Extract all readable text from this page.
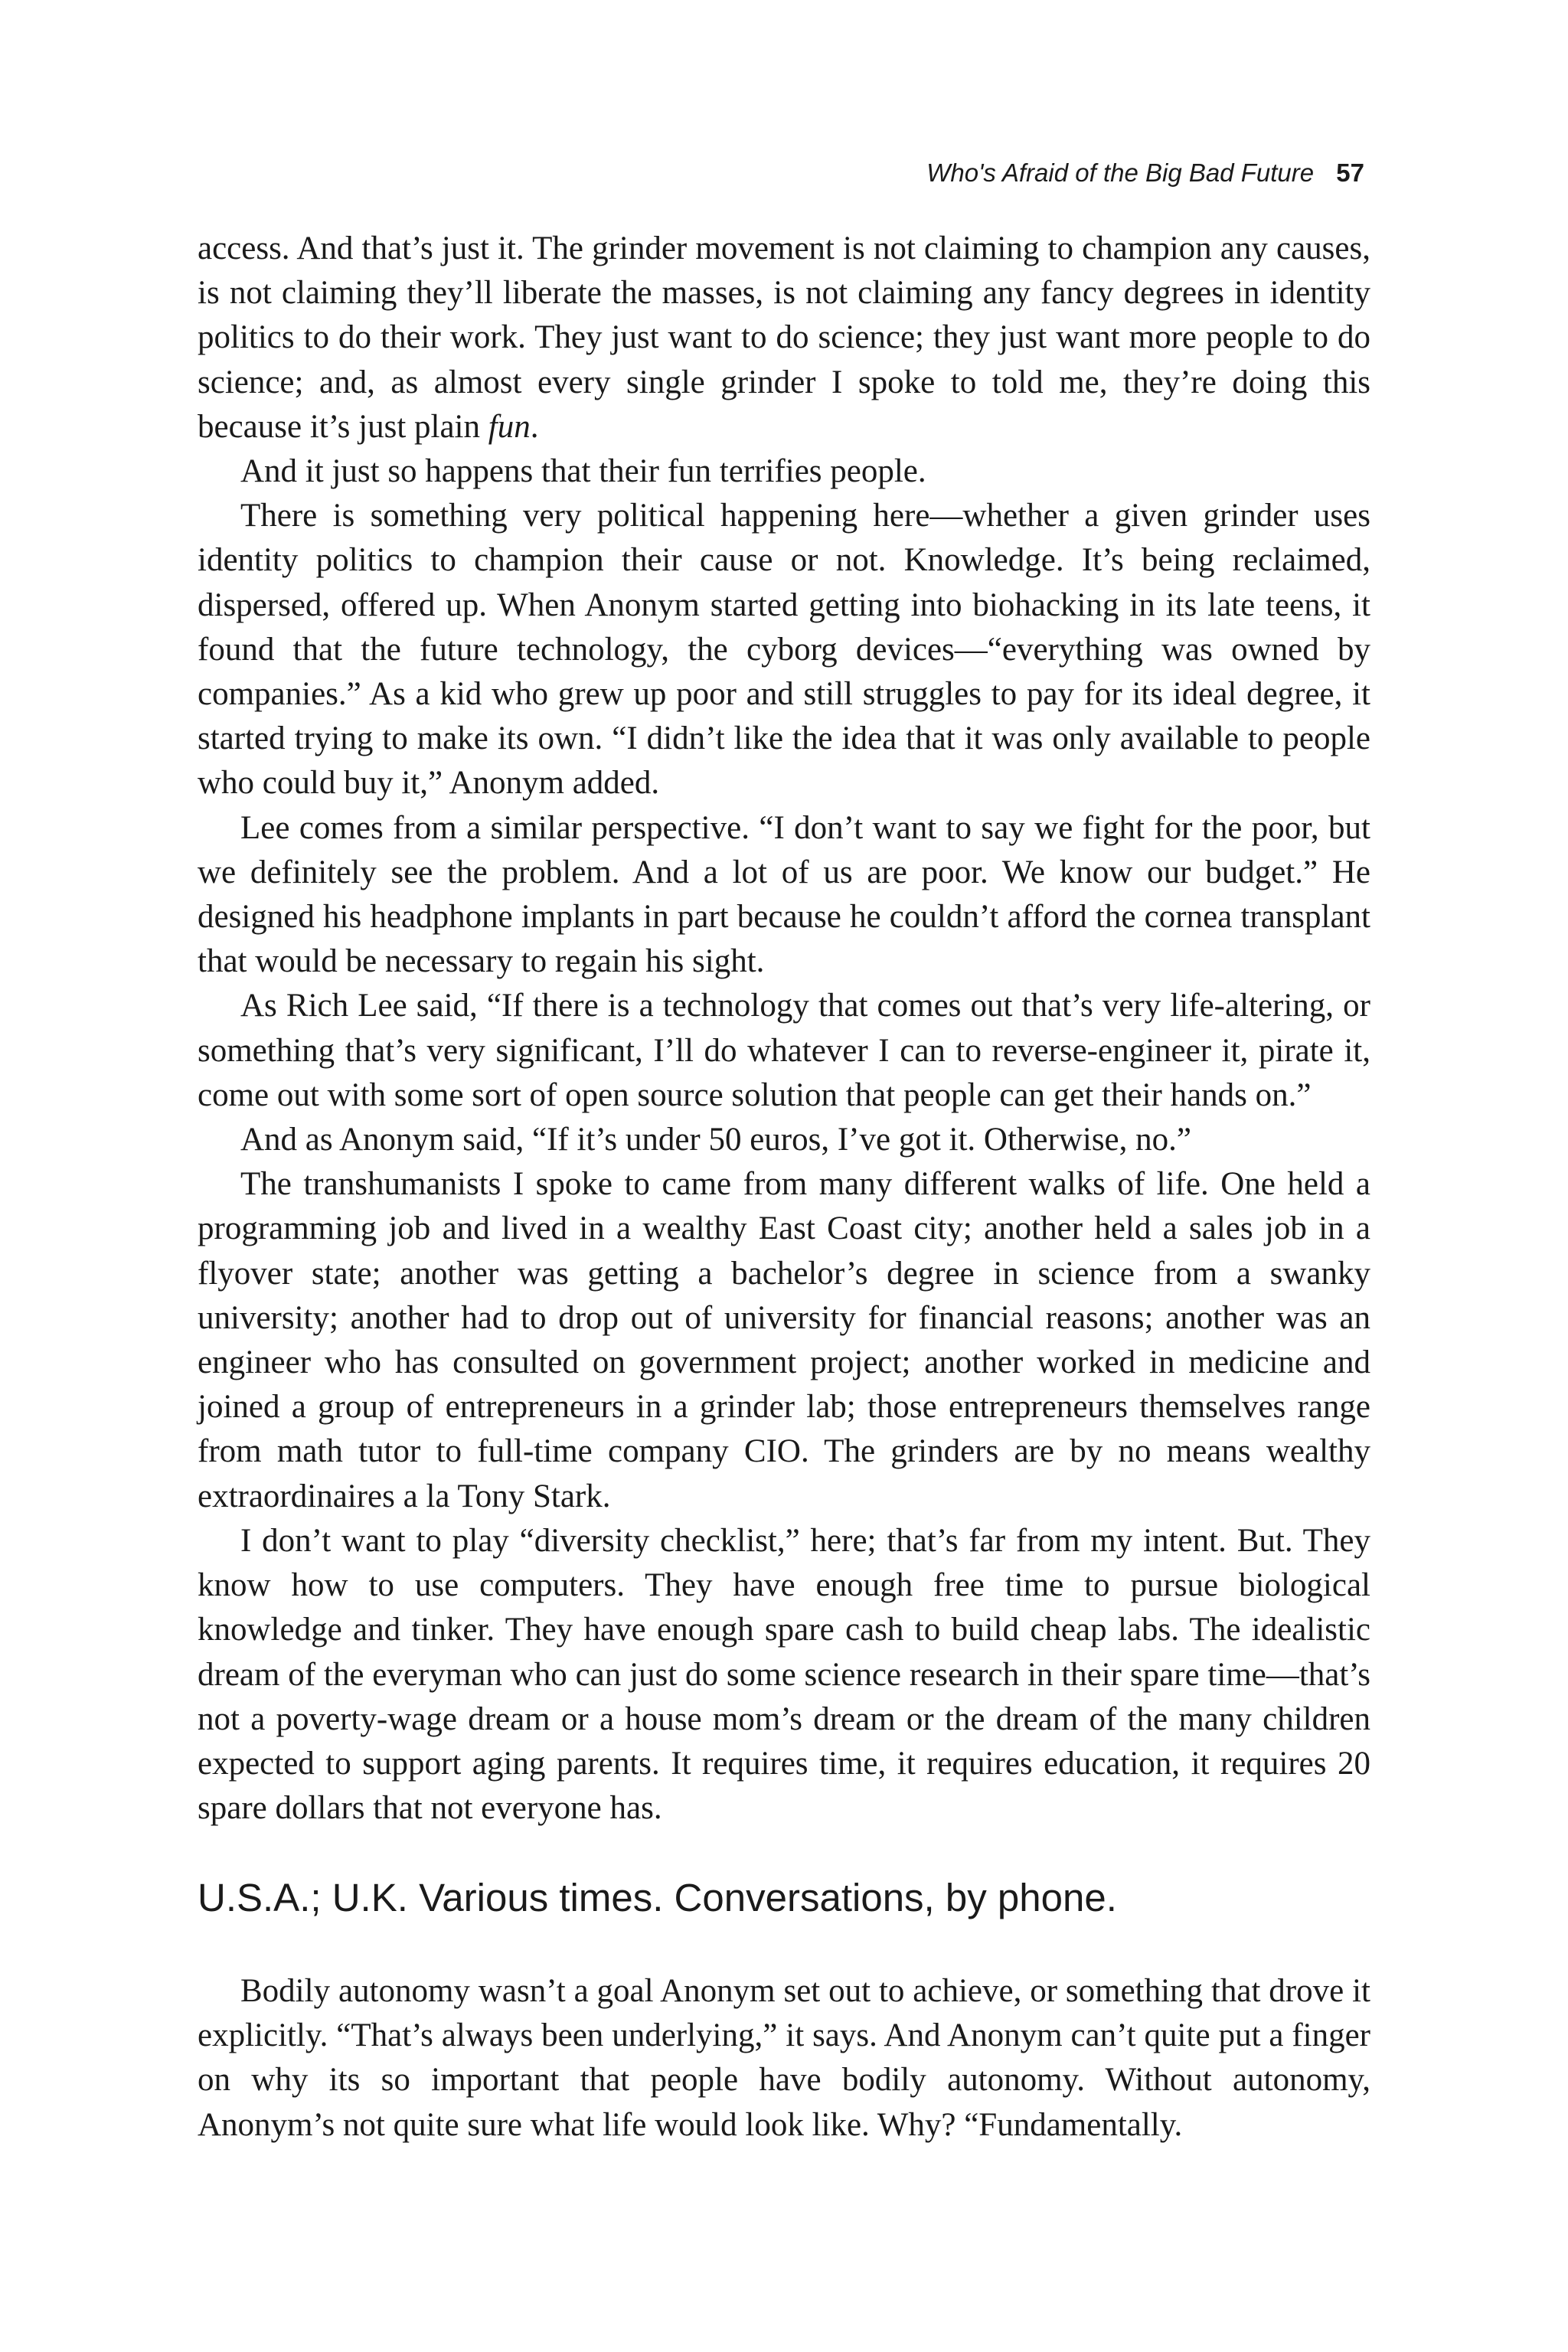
Who's Afraid of the Big Bad Future 57

access. And that’s just it. The grinder movement is not claiming to champion any causes, is not claiming they’ll liberate the masses, is not claiming any fancy degrees in identity politics to do their work. They just want to do science; they just want more people to do science; and, as almost every single grinder I spoke to told me, they’re doing this because it’s just plain fun.

And it just so happens that their fun terrifies people.

There is something very political happening here—whether a given grinder uses identity politics to champion their cause or not. Knowledge. It’s being reclaimed, dispersed, offered up. When Anonym started getting into biohacking in its late teens, it found that the future technology, the cyborg devices—“everything was owned by companies.” As a kid who grew up poor and still struggles to pay for its ideal degree, it started trying to make its own. “I didn’t like the idea that it was only available to people who could buy it,” Anonym added.

Lee comes from a similar perspective. “I don’t want to say we fight for the poor, but we definitely see the problem. And a lot of us are poor. We know our budget.” He designed his headphone implants in part because he couldn’t afford the cornea transplant that would be necessary to regain his sight.

As Rich Lee said, “If there is a technology that comes out that’s very life-altering, or something that’s very significant, I’ll do whatever I can to reverse-engineer it, pirate it, come out with some sort of open source solution that people can get their hands on.”

And as Anonym said, “If it’s under 50 euros, I’ve got it. Otherwise, no.”

The transhumanists I spoke to came from many different walks of life. One held a programming job and lived in a wealthy East Coast city; another held a sales job in a flyover state; another was getting a bachelor’s degree in science from a swanky university; another had to drop out of university for financial reasons; another was an engineer who has consulted on government project; another worked in medicine and joined a group of entrepreneurs in a grinder lab; those entrepreneurs themselves range from math tutor to full-time company CIO. The grinders are by no means wealthy extraordinaires a la Tony Stark.

I don’t want to play “diversity checklist,” here; that’s far from my intent. But. They know how to use computers. They have enough free time to pursue biological knowledge and tinker. They have enough spare cash to build cheap labs. The idealistic dream of the everyman who can just do some science research in their spare time—that’s not a poverty-wage dream or a house mom’s dream or the dream of the many children expected to support aging parents. It requires time, it requires education, it requires 20 spare dollars that not everyone has.

U.S.A.; U.K. Various times. Conversations, by phone.

Bodily autonomy wasn’t a goal Anonym set out to achieve, or something that drove it explicitly. “That’s always been underlying,” it says. And Anonym can’t quite put a finger on why its so important that people have bodily autonomy. Without autonomy, Anonym’s not quite sure what life would look like. Why? “Fundamentally.
